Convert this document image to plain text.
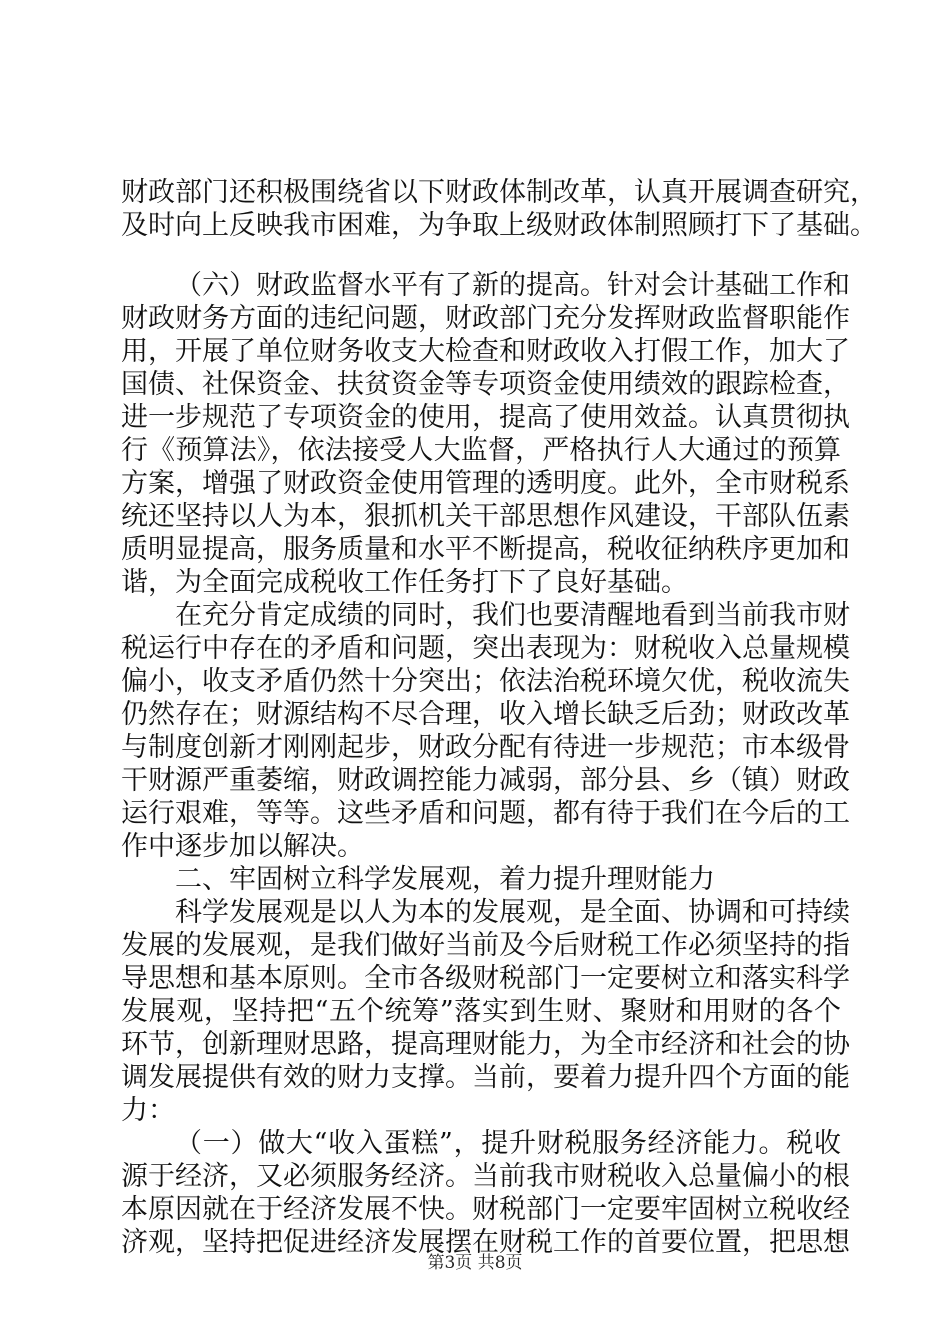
财政部门还积极围绕省以下财政体制改革，认真开展调查研究，
及时向上反映我市困难，为争取上级财政体制照顾打下了基础。
（六）财政监督水平有了新的提高。针对会计基础工作和
财政财务方面的违纪问题，财政部门充分发挥财政监督职能作
用，开展了单位财务收支大检查和财政收入打假工作，加大了
国债、社保资金、扶贫资金等专项资金使用绩效的跟踪检查，
进一步规范了专项资金的使用，提高了使用效益。认真贯彻执
行《预算法》，依法接受人大监督，严格执行人大通过的预算
方案，增强了财政资金使用管理的透明度。此外，全市财税系
统还坚持以人为本，狠抓机关干部思想作风建设，干部队伍素
质明显提高，服务质量和水平不断提高，税收征纳秩序更加和
谐，为全面完成税收工作任务打下了良好基础。
在充分肯定成绩的同时，我们也要清醒地看到当前我市财
税运行中存在的矛盾和问题，突出表现为：财税收入总量规模
偏小，收支矛盾仍然十分突出；依法治税环境欠优，税收流失
仍然存在；财源结构不尽合理，收入增长缺乏后劲；财政改革
与制度创新才刚刚起步，财政分配有待进一步规范；市本级骨
干财源严重萎缩，财政调控能力减弱，部分县、乡（镇）财政
运行艰难，等等。这些矛盾和问题，都有待于我们在今后的工
作中逐步加以解决。
二、牢固树立科学发展观，着力提升理财能力
科学发展观是以人为本的发展观，是全面、协调和可持续
发展的发展观，是我们做好当前及今后财税工作必须坚持的指
导思想和基本原则。全市各级财税部门一定要树立和落实科学
发展观，坚持把“五个统筹”落实到生财、聚财和用财的各个
环节，创新理财思路，提高理财能力，为全市经济和社会的协
调发展提供有效的财力支撑。当前，要着力提升四个方面的能
力：
（一）做大“收入蛋糕”，提升财税服务经济能力。税收
源于经济，又必须服务经济。当前我市财税收入总量偏小的根
本原因就在于经济发展不快。财税部门一定要牢固树立税收经
济观，坚持把促进经济发展摆在财税工作的首要位置，把思想
第3页 共8页
